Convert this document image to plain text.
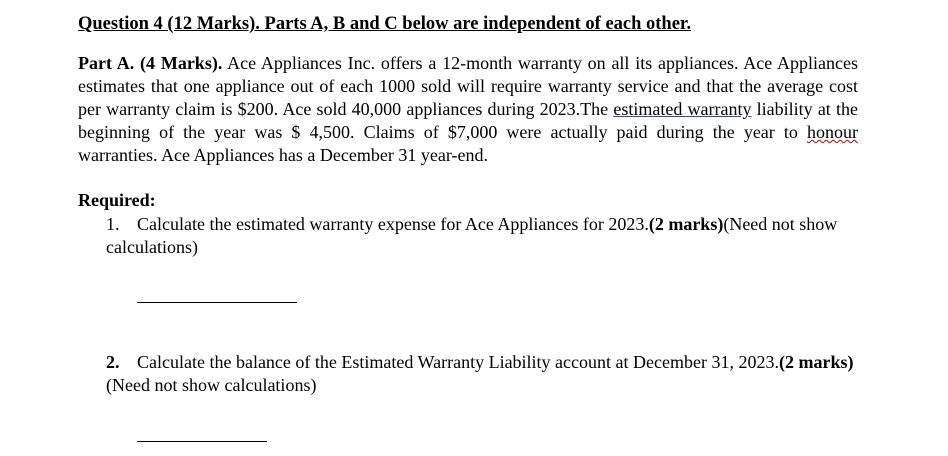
Question 4 (12 Marks). Parts A, B and C below are independent of each other.
Part A. (4 Marks). Ace Appliances Inc. offers a 12-month warranty on all its appliances. Ace Appliances estimates that one appliance out of each 1000 sold will require warranty service and that the average cost per warranty claim is $200. Ace sold 40,000 appliances during 2023.The estimated warranty liability at the beginning of the year was $ 4,500. Claims of $7,000 were actually paid during the year to honour warranties. Ace Appliances has a December 31 year-end.
Required:
1. Calculate the estimated warranty expense for Ace Appliances for 2023.(2 marks)(Need not show calculations)
2. Calculate the balance of the Estimated Warranty Liability account at December 31, 2023.(2 marks) (Need not show calculations)
